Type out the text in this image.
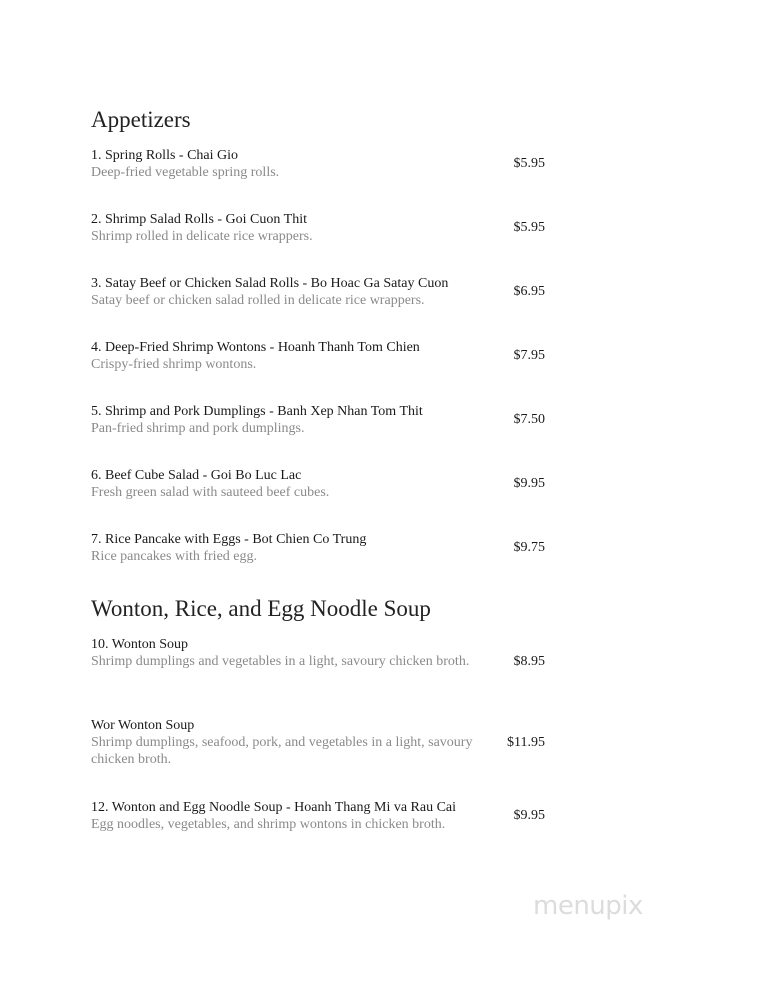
Appetizers
1. Spring Rolls - Chai Gio
Deep-fried vegetable spring rolls.
$5.95
2. Shrimp Salad Rolls - Goi Cuon Thit
Shrimp rolled in delicate rice wrappers.
$5.95
3. Satay Beef or Chicken Salad Rolls - Bo Hoac Ga Satay Cuon
Satay beef or chicken salad rolled in delicate rice wrappers.
$6.95
4. Deep-Fried Shrimp Wontons - Hoanh Thanh Tom Chien
Crispy-fried shrimp wontons.
$7.95
5. Shrimp and Pork Dumplings - Banh Xep Nhan Tom Thit
Pan-fried shrimp and pork dumplings.
$7.50
6. Beef Cube Salad - Goi Bo Luc Lac
Fresh green salad with sauteed beef cubes.
$9.95
7. Rice Pancake with Eggs - Bot Chien Co Trung
Rice pancakes with fried egg.
$9.75
Wonton, Rice, and Egg Noodle Soup
10. Wonton Soup
Shrimp dumplings and vegetables in a light, savoury chicken broth.	$8.95
Wor Wonton Soup
Shrimp dumplings, seafood, pork, and vegetables in a light, savoury chicken broth.
$11.95
12. Wonton and Egg Noodle Soup - Hoanh Thang Mi va Rau Cai
Egg noodles, vegetables, and shrimp wontons in chicken broth.
$9.95
menupix
